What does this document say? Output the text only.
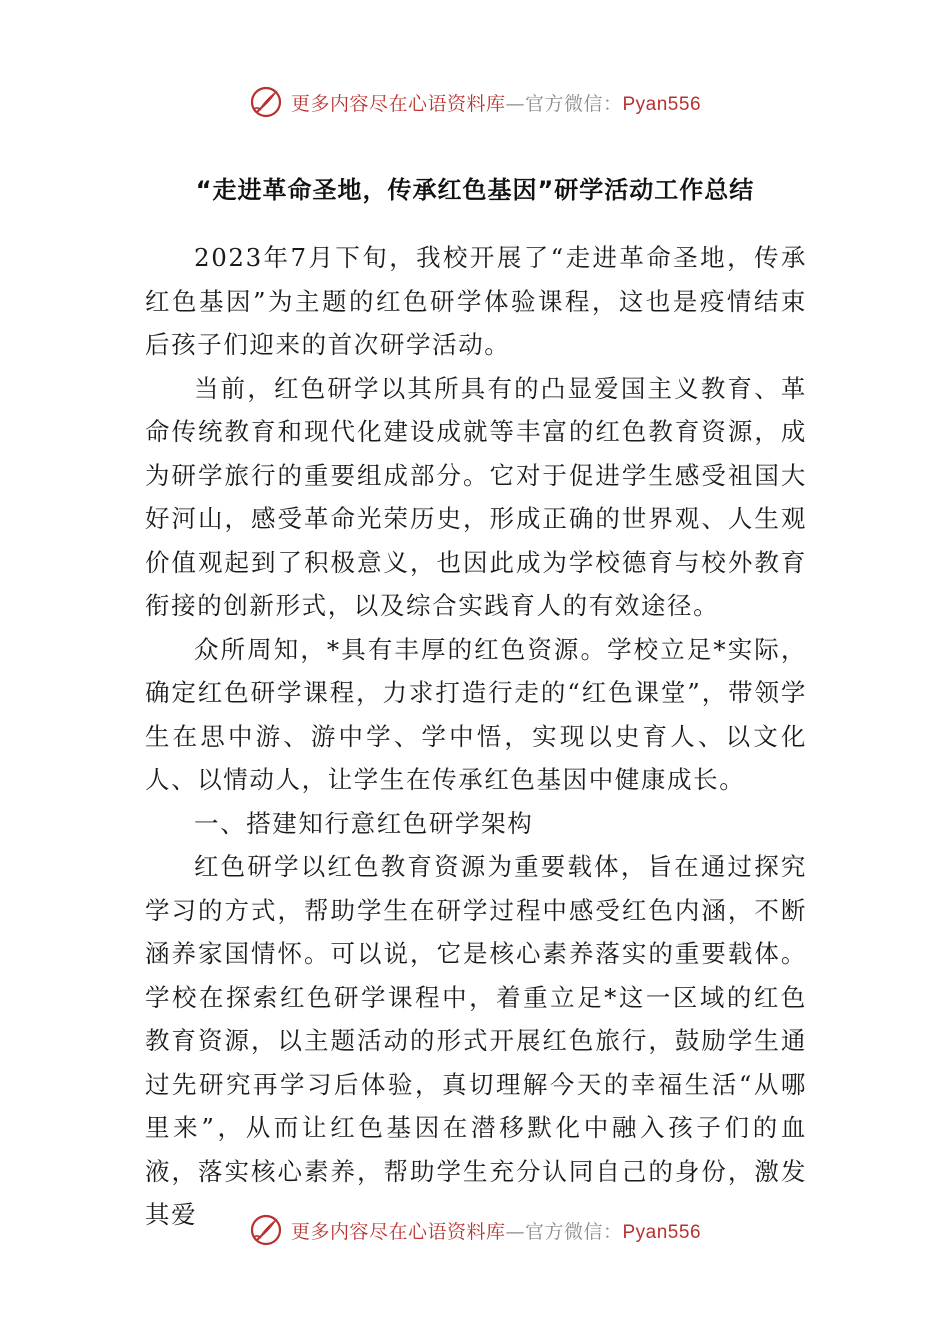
更多内容尽在心语资料库—官方微信：Pyan556
“走进革命圣地，传承红色基因”研学活动工作总结

2023年7月下旬，我校开展了“走进革命圣地，传承红色基因”为主题的红色研学体验课程，这也是疫情结束后孩子们迎来的首次研学活动。

当前，红色研学以其所具有的凸显爱国主义教育、革命传统教育和现代化建设成就等丰富的红色教育资源，成为研学旅行的重要组成部分。它对于促进学生感受祖国大好河山，感受革命光荣历史，形成正确的世界观、人生观价值观起到了积极意义，也因此成为学校德育与校外教育衔接的创新形式，以及综合实践育人的有效途径。

众所周知，*具有丰厚的红色资源。学校立足*实际，确定红色研学课程，力求打造行走的“红色课堂”，带领学生在思中游、游中学、学中悟，实现以史育人、以文化人、以情动人，让学生在传承红色基因中健康成长。

一、搭建知行意红色研学架构

红色研学以红色教育资源为重要载体，旨在通过探究学习的方式，帮助学生在研学过程中感受红色内涵，不断涵养家国情怀。可以说，它是核心素养落实的重要载体。学校在探索红色研学课程中，着重立足*这一区域的红色教育资源，以主题活动的形式开展红色旅行，鼓励学生通过先研究再学习后体验，真切理解今天的幸福生活“从哪里来”，从而让红色基因在潜移默化中融入孩子们的血液，落实核心素养，帮助学生充分认同自己的身份，激发其爱

更多内容尽在心语资料库—官方微信：Pyan556
